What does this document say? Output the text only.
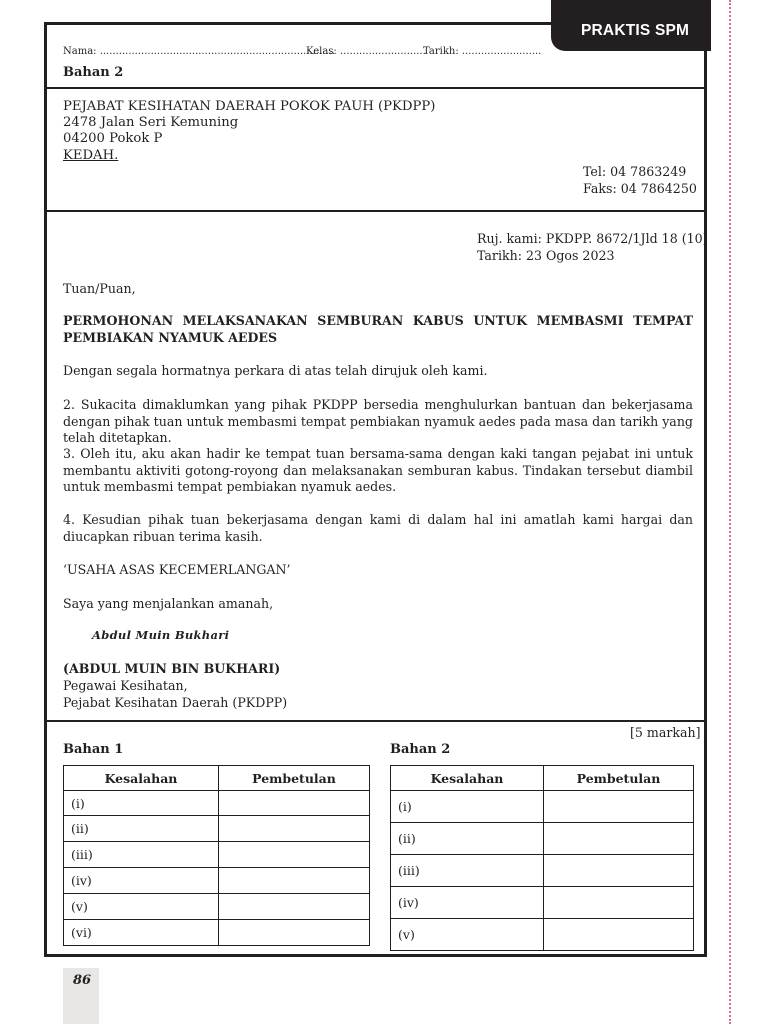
PRAKTIS SPM
Nama: ..........................................................................
Kelas: ...........................
Tarikh: .........................
Bahan 2
PEJABAT KESIHATAN DAERAH POKOK PAUH (PKDPP)
2478 Jalan Seri Kemuning
04200 Pokok P
KEDAH.
Tel: 04 7863249
Faks: 04 7864250
Ruj. kami: PKDPP. 8672/1Jld 18 (10)
Tarikh: 23 Ogos 2023
Tuan/Puan,
PERMOHONAN MELAKSANAKAN SEMBURAN KABUS UNTUK MEMBASMI TEMPAT PEMBIAKAN NYAMUK AEDES
Dengan segala hormatnya perkara di atas telah dirujuk oleh kami.
2. Sukacita dimaklumkan yang pihak PKDPP bersedia menghulurkan bantuan dan bekerjasama dengan pihak tuan untuk membasmi tempat pembiakan nyamuk aedes pada masa dan tarikh yang telah ditetapkan.
3. Oleh itu, aku akan hadir ke tempat tuan bersama-sama dengan kaki tangan pejabat ini untuk membantu aktiviti gotong-royong dan melaksanakan semburan kabus. Tindakan tersebut diambil untuk membasmi tempat pembiakan nyamuk aedes.
4. Kesudian pihak tuan bekerjasama dengan kami di dalam hal ini amatlah kami hargai dan diucapkan ribuan terima kasih.
‘USAHA ASAS KECEMERLANGAN’
Saya yang menjalankan amanah,
Abdul Muin Bukhari
(ABDUL MUIN BIN BUKHARI)
Pegawai Kesihatan,
Pejabat Kesihatan Daerah (PKDPP)
[5 markah]
Bahan 1	Bahan 2
Kesalahan	Pembetulan
(i)	
(ii)	
(iii)	
(iv)	
(v)	
(vi)	
Kesalahan	Pembetulan
(i)	
(ii)	
(iii)	
(iv)	
(v)	
86
